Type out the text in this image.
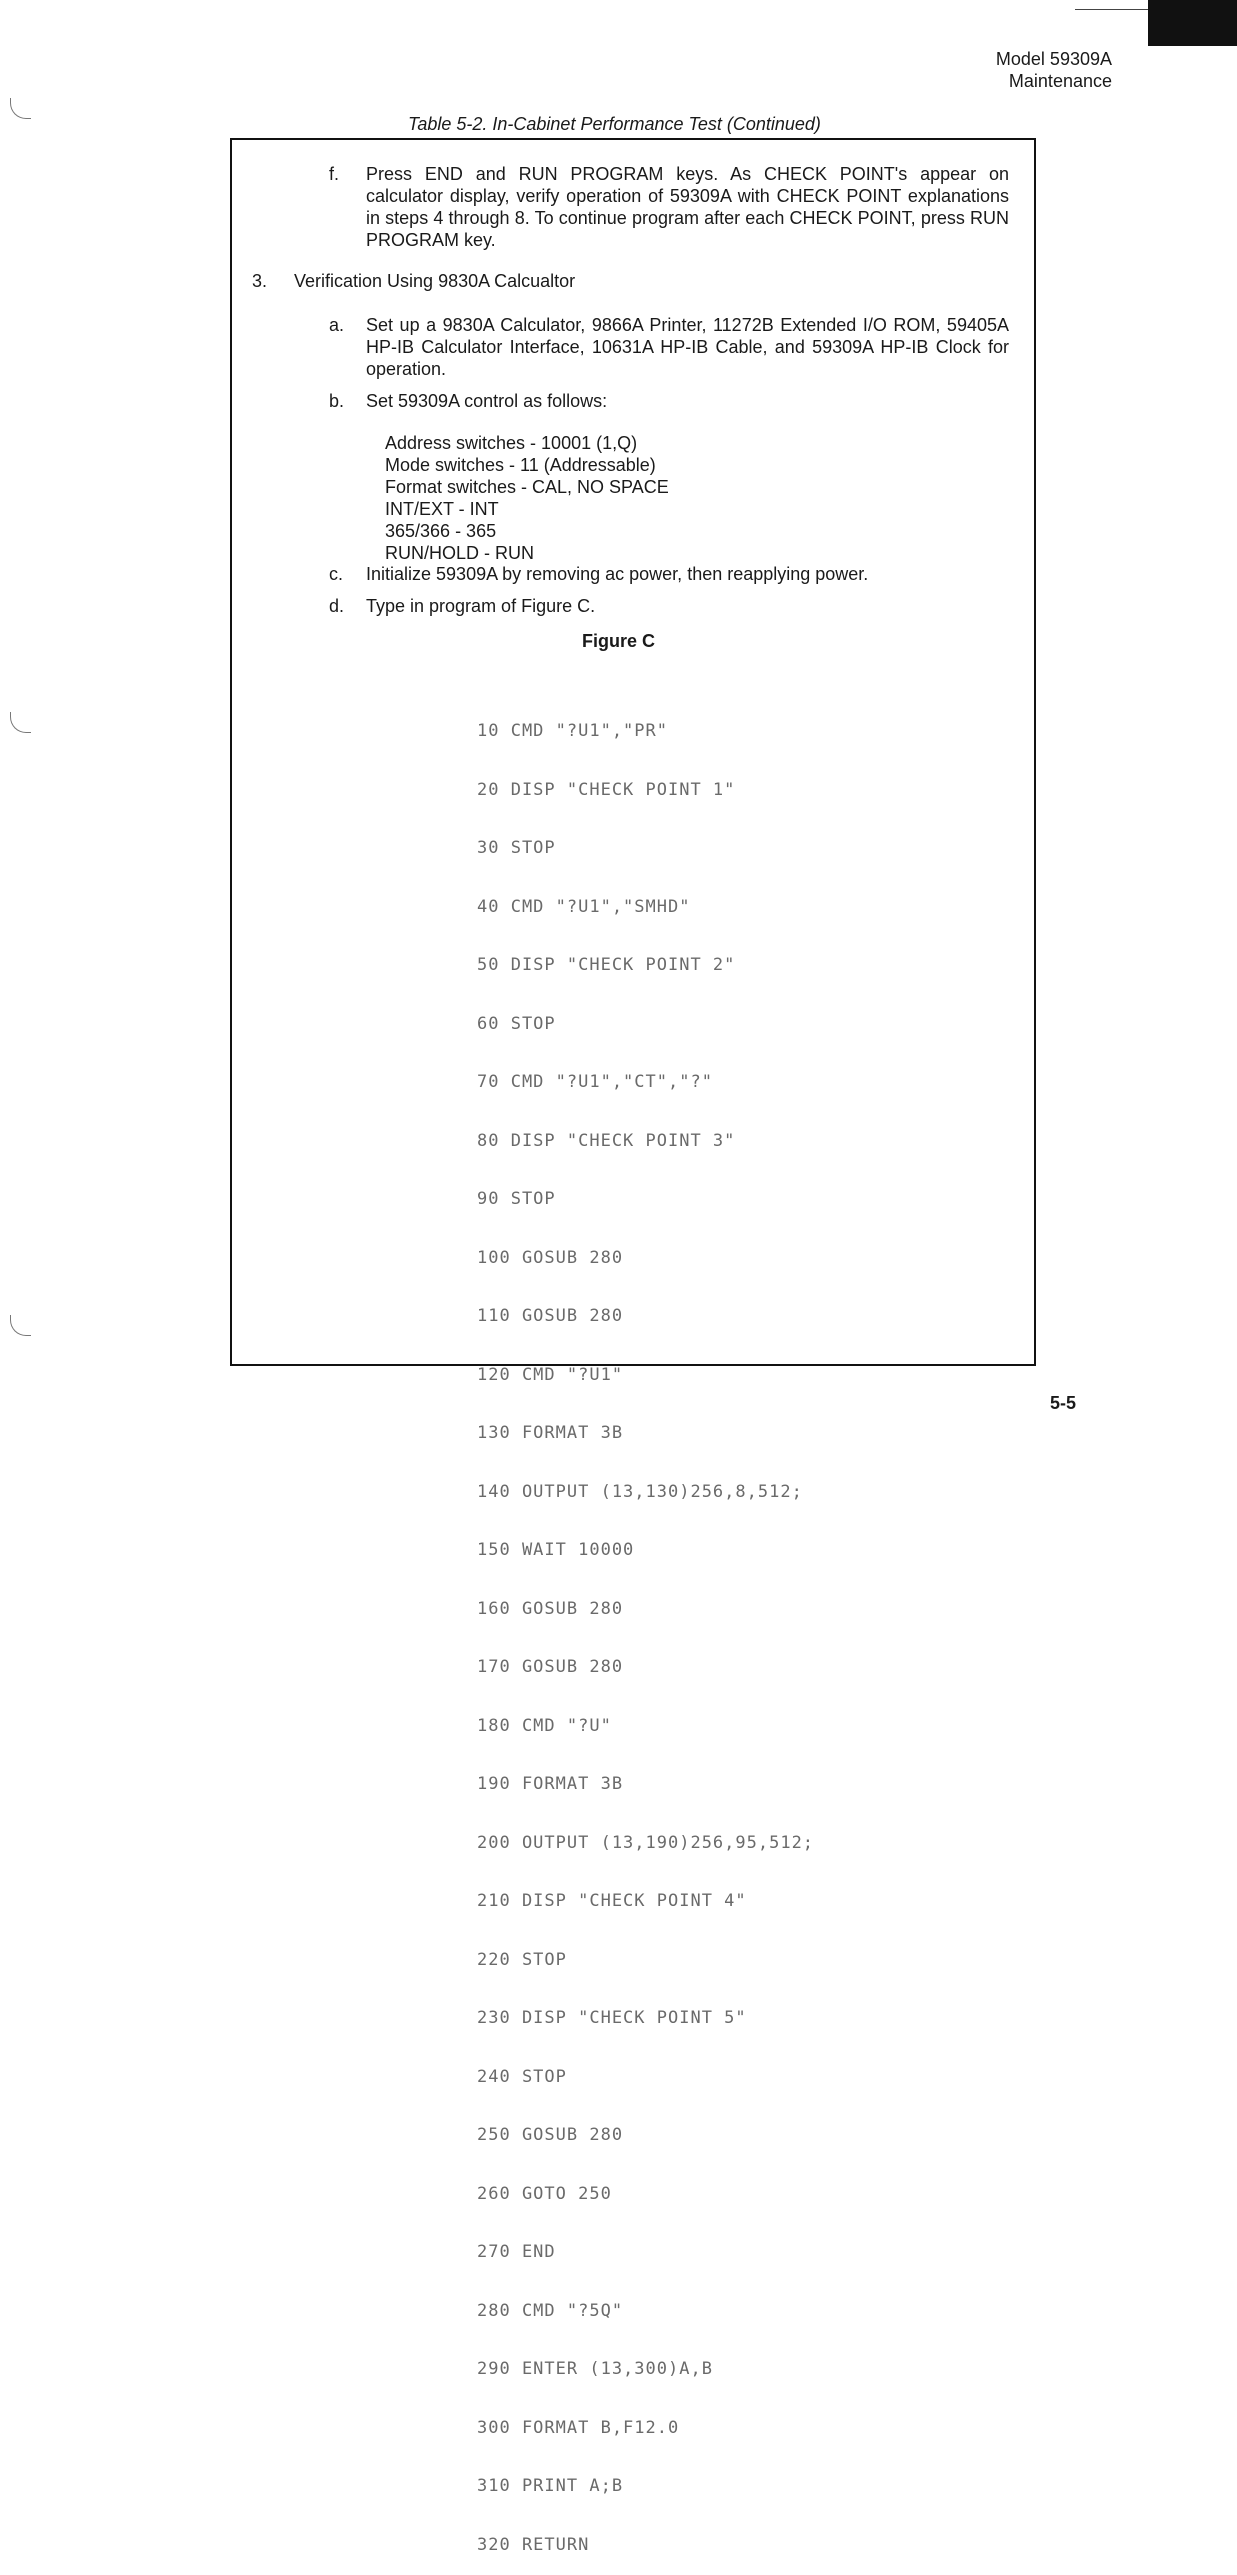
Model 59309A
Maintenance
Table 5-2. In-Cabinet Performance Test (Continued)
f. Press END and RUN PROGRAM keys. As CHECK POINT's appear on calculator display, verify operation of 59309A with CHECK POINT explanations in steps 4 through 8. To continue program after each CHECK POINT, press RUN PROGRAM key.
3. Verification Using 9830A Calcualtor
a. Set up a 9830A Calculator, 9866A Printer, 11272B Extended I/O ROM, 59405A HP-IB Calculator Interface, 10631A HP-IB Cable, and 59309A HP-IB Clock for operation.
b. Set 59309A control as follows:
Address switches - 10001 (1,Q)
Mode switches - 11 (Addressable)
Format switches - CAL, NO SPACE
INT/EXT - INT
365/366 - 365
RUN/HOLD - RUN
c. Initialize 59309A by removing ac power, then reapplying power.
d. Type in program of Figure C.
Figure C

10 CMD "?U1","PR"

20 DISP "CHECK POINT 1"

30 STOP

40 CMD "?U1","SMHD"

50 DISP "CHECK POINT 2"

60 STOP

70 CMD "?U1","CT","?"

80 DISP "CHECK POINT 3"

90 STOP

100 GOSUB 280

110 GOSUB 280

120 CMD "?U1"

130 FORMAT 3B

140 OUTPUT (13,130)256,8,512;

150 WAIT 10000

160 GOSUB 280

170 GOSUB 280

180 CMD "?U"

190 FORMAT 3B

200 OUTPUT (13,190)256,95,512;

210 DISP "CHECK POINT 4"

220 STOP

230 DISP "CHECK POINT 5"

240 STOP

250 GOSUB 280

260 GOTO 250

270 END

280 CMD "?5Q"

290 ENTER (13,300)A,B

300 FORMAT B,F12.0

310 PRINT A;B

320 RETURN

5-5
